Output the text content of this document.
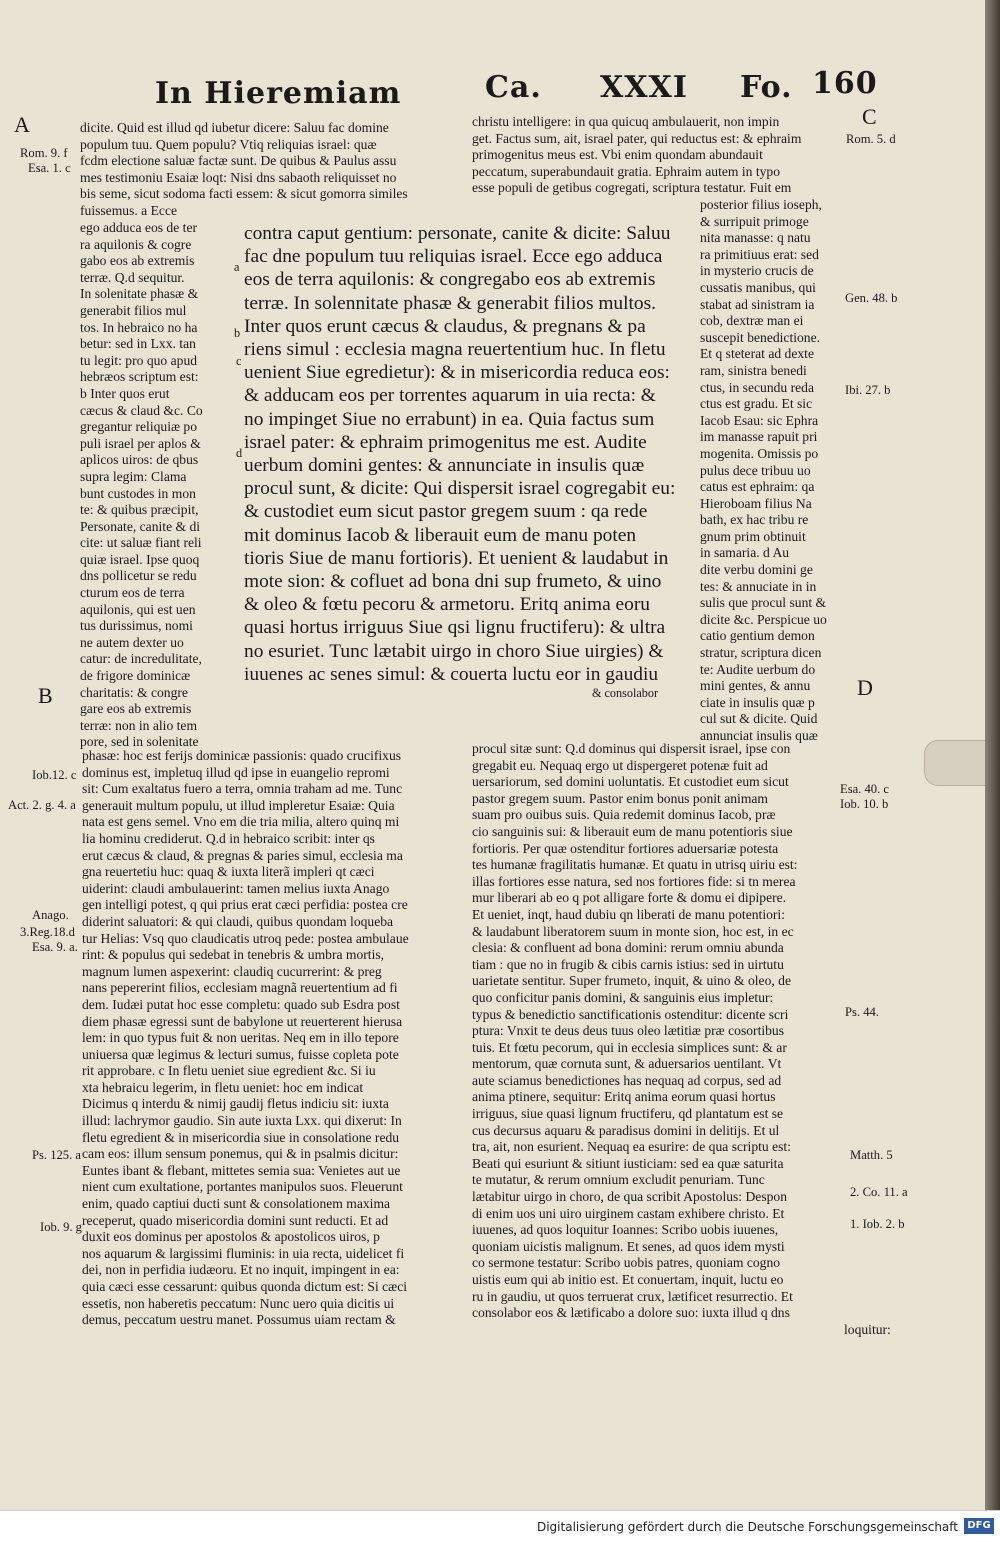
In Hieremiam	Ca. XXXI Fo. 160
A	C
B	D
Rom. 9. f
Esa. 1. c
Iob.12. c
Act. 2. g. 4. a
Anago.
3.Reg.18.d
Esa. 9. a.
Ps. 125. a
Iob. 9. g
Rom. 5. d
Gen. 48. b
Ibi. 27. b
Esa. 40. c
Iob. 10. b
Ps. 44.
Matth. 5
2. Co. 11. a
1. Iob. 2. b
dicite. Quid est illud qd iubetur dicere: Saluu fac domine
populum tuu. Quem populu? Vtiq reliquias israel: quæ
fcdm electione saluæ factæ sunt. De quibus & Paulus assu
mes testimoniu Esaiæ loqt: Nisi dns sabaoth reliquisset no
bis seme, sicut sodoma facti essem: & sicut gomorra similes
fuissemus. a Ecce
christu intelligere: in qua quicuq ambulauerit, non impin
get. Factus sum, ait, israel pater, qui reductus est: & ephraim
primogenitus meus est. Vbi enim quondam abundauit
peccatum, superabundauit gratia. Ephraim autem in typo
esse populi de getibus cogregati, scriptura testatur. Fuit em
ego adduca eos de ter
ra aquilonis & cogre
gabo eos ab extremis
terræ. Q.d sequitur.
In solenitate phasæ &
generabit filios mul
tos. In hebraico no ha
betur: sed in Lxx. tan
tu legit: pro quo apud
hebræos scriptum est:
b Inter quos erut
cæcus & claud &c. Co
gregantur reliquiæ po
puli israel per aplos &
aplicos uiros: de qbus
supra legim: Clama
bunt custodes in mon
te: & quibus præcipit,
Personate, canite & di
cite: ut saluæ fiant reli
quiæ israel. Ipse quoq
dns pollicetur se redu
cturum eos de terra
aquilonis, qui est uen
tus durissimus, nomi
ne autem dexter uo
catur: de incredulitate,
de frigore dominicæ
charitatis: & congre
gare eos ab extremis
terræ: non in alio tem
pore, sed in solenitate
posterior filius ioseph,
& surripuit primoge
nita manasse: q natu
ra primitiuus erat: sed
in mysterio crucis de
cussatis manibus, qui
stabat ad sinistram ia
cob, dextræ man ei
suscepit benedictione.
Et q steterat ad dexte
ram, sinistra benedi
ctus, in secundu reda
ctus est gradu. Et sic
Iacob Esau: sic Ephra
im manasse rapuit pri
mogenita. Omissis po
pulus dece tribuu uo
catus est ephraim: qa
Hieroboam filius Na
bath, ex hac tribu re
gnum prim obtinuit
in samaria. d Au
dite verbu domini ge
tes: & annuciate in in
sulis que procul sunt &
dicite &c. Perspicue uo
catio gentium demon
stratur, scriptura dicen
te: Audite uerbum do
mini gentes, & annu
ciate in insulis quæ p
cul sut & dicite. Quid
annunciat insulis quæ
a
b
c
d
contra caput gentium: personate, canite & dicite: Saluu
fac dne populum tuu reliquias israel. Ecce ego adduca
eos de terra aquilonis: & congregabo eos ab extremis
terræ. In solennitate phasæ & generabit filios multos.
Inter quos erunt cæcus & claudus, & pregnans & pa
riens simul : ecclesia magna reuertentium huc. In fletu
uenient Siue egredietur): & in misericordia reduca eos:
& adducam eos per torrentes aquarum in uia recta: &
no impinget Siue no errabunt) in ea. Quia factus sum
israel pater: & ephraim primogenitus me est. Audite
uerbum domini gentes: & annunciate in insulis quæ
procul sunt, & dicite: Qui dispersit israel cogregabit eu:
& custodiet eum sicut pastor gregem suum : qa rede
mit dominus Iacob & liberauit eum de manu poten
tioris Siue de manu fortioris). Et uenient & laudabut in
mote sion: & cofluet ad bona dni sup frumeto, & uino
& oleo & fœtu pecoru & armetoru. Eritq anima eoru
quasi hortus irriguus Siue qsi lignu fructiferu): & ultra
no esuriet. Tunc lætabit uirgo in choro Siue uirgies) &
iuuenes ac senes simul: & couerta luctu eor in gaudiu
& consolabor
phasæ: hoc est ferijs dominicæ passionis: quado crucifixus
dominus est, impletuq illud qd ipse in euangelio repromi
sit: Cum exaltatus fuero a terra, omnia traham ad me. Tunc
generauit multum populu, ut illud impleretur Esaiæ: Quia
nata est gens semel. Vno em die tria milia, altero quinq mi
lia hominu crediderut. Q.d in hebraico scribit: inter qs
erut cæcus & claud, & pregnas & paries simul, ecclesia ma
gna reuertetiu huc: quaq & iuxta literã impleri qt cæci
uiderint: claudi ambulauerint: tamen melius iuxta Anago
gen intelligi potest, q qui prius erat cæci perfidia: postea cre
diderint saluatori: & qui claudi, quibus quondam loqueba
tur Helias: Vsq quo claudicatis utroq pede: postea ambulaue
rint: & populus qui sedebat in tenebris & umbra mortis,
magnum lumen aspexerint: claudiq cucurrerint: & preg
nans pepererint filios, ecclesiam magnã reuertentium ad fi
dem. Iudæi putat hoc esse completu: quado sub Esdra post
diem phasæ egressi sunt de babylone ut reuerterent hierusa
lem: in quo typus fuit & non ueritas. Neq em in illo tepore
uniuersa quæ legimus & lecturi sumus, fuisse copleta pote
rit approbare. c In fletu ueniet siue egredient &c. Si iu
xta hebraicu legerim, in fletu ueniet: hoc em indicat
Dicimus q interdu & nimij gaudij fletus indiciu sit: iuxta
illud: lachrymor gaudio. Sin aute iuxta Lxx. qui dixerut: In
fletu egredient & in misericordia siue in consolatione redu
cam eos: illum sensum ponemus, qui & in psalmis dicitur:
Euntes ibant & flebant, mittetes semia sua: Venietes aut ue
nient cum exultatione, portantes manipulos suos. Fleuerunt
enim, quado captiui ducti sunt & consolationem maxima
receperut, quado misericordia domini sunt reducti. Et ad
duxit eos dominus per apostolos & apostolicos uiros, p
nos aquarum & largissimi fluminis: in uia recta, uidelicet fi
dei, non in perfidia iudæoru. Et no inquit, impingent in ea:
quia cæci esse cessarunt: quibus quonda dictum est: Si cæci
essetis, non haberetis peccatum: Nunc uero quia dicitis ui
demus, peccatum uestru manet. Possumus uiam rectam &
procul sitæ sunt: Q.d dominus qui dispersit israel, ipse con
gregabit eu. Nequaq ergo ut dispergeret potenæ fuit ad
uersariorum, sed domini uoluntatis. Et custodiet eum sicut
pastor gregem suum. Pastor enim bonus ponit animam
suam pro ouibus suis. Quia redemit dominus Iacob, præ
cio sanguinis sui: & liberauit eum de manu potentioris siue
fortioris. Per quæ ostenditur fortiores aduersariæ potesta
tes humanæ fragilitatis humanæ. Et quatu in utrisq uiriu est:
illas fortiores esse natura, sed nos fortiores fide: si tn merea
mur liberari ab eo q pot alligare forte & domu ei dipipere.
Et ueniet, inqt, haud dubiu qn liberati de manu potentiori:
& laudabunt liberatorem suum in monte sion, hoc est, in ec
clesia: & confluent ad bona domini: rerum omniu abunda
tiam : que no in frugib & cibis carnis istius: sed in uirtutu
uarietate sentitur. Super frumeto, inquit, & uino & oleo, de
quo conficitur panis domini, & sanguinis eius impletur:
typus & benedictio sanctificationis ostenditur: dicente scri
ptura: Vnxit te deus deus tuus oleo lætitiæ præ cosortibus
tuis. Et fœtu pecorum, qui in ecclesia simplices sunt: & ar
mentorum, quæ cornuta sunt, & aduersarios uentilant. Vt
aute sciamus benedictiones has nequaq ad corpus, sed ad
anima ptinere, sequitur: Eritq anima eorum quasi hortus
irriguus, siue quasi lignum fructiferu, qd plantatum est se
cus decursus aquaru & paradisus domini in delitijs. Et ul
tra, ait, non esurient. Nequaq ea esurire: de qua scriptu est:
Beati qui esuriunt & sitiunt iusticiam: sed ea quæ saturita
te mutatur, & rerum omnium excludit penuriam. Tunc
lætabitur uirgo in choro, de qua scribit Apostolus: Despon
di enim uos uni uiro uirginem castam exhibere christo. Et
iuuenes, ad quos loquitur Ioannes: Scribo uobis iuuenes,
quoniam uicistis malignum. Et senes, ad quos idem mysti
co sermone testatur: Scribo uobis patres, quoniam cogno
uistis eum qui ab initio est. Et conuertam, inquit, luctu eo
ru in gaudiu, ut quos terruerat crux, lætificet resurrectio. Et
consolabor eos & lætificabo a dolore suo: iuxta illud q dns
loquitur:
Digitalisierung gefördert durch die Deutsche Forschungsgemeinschaft DFG
